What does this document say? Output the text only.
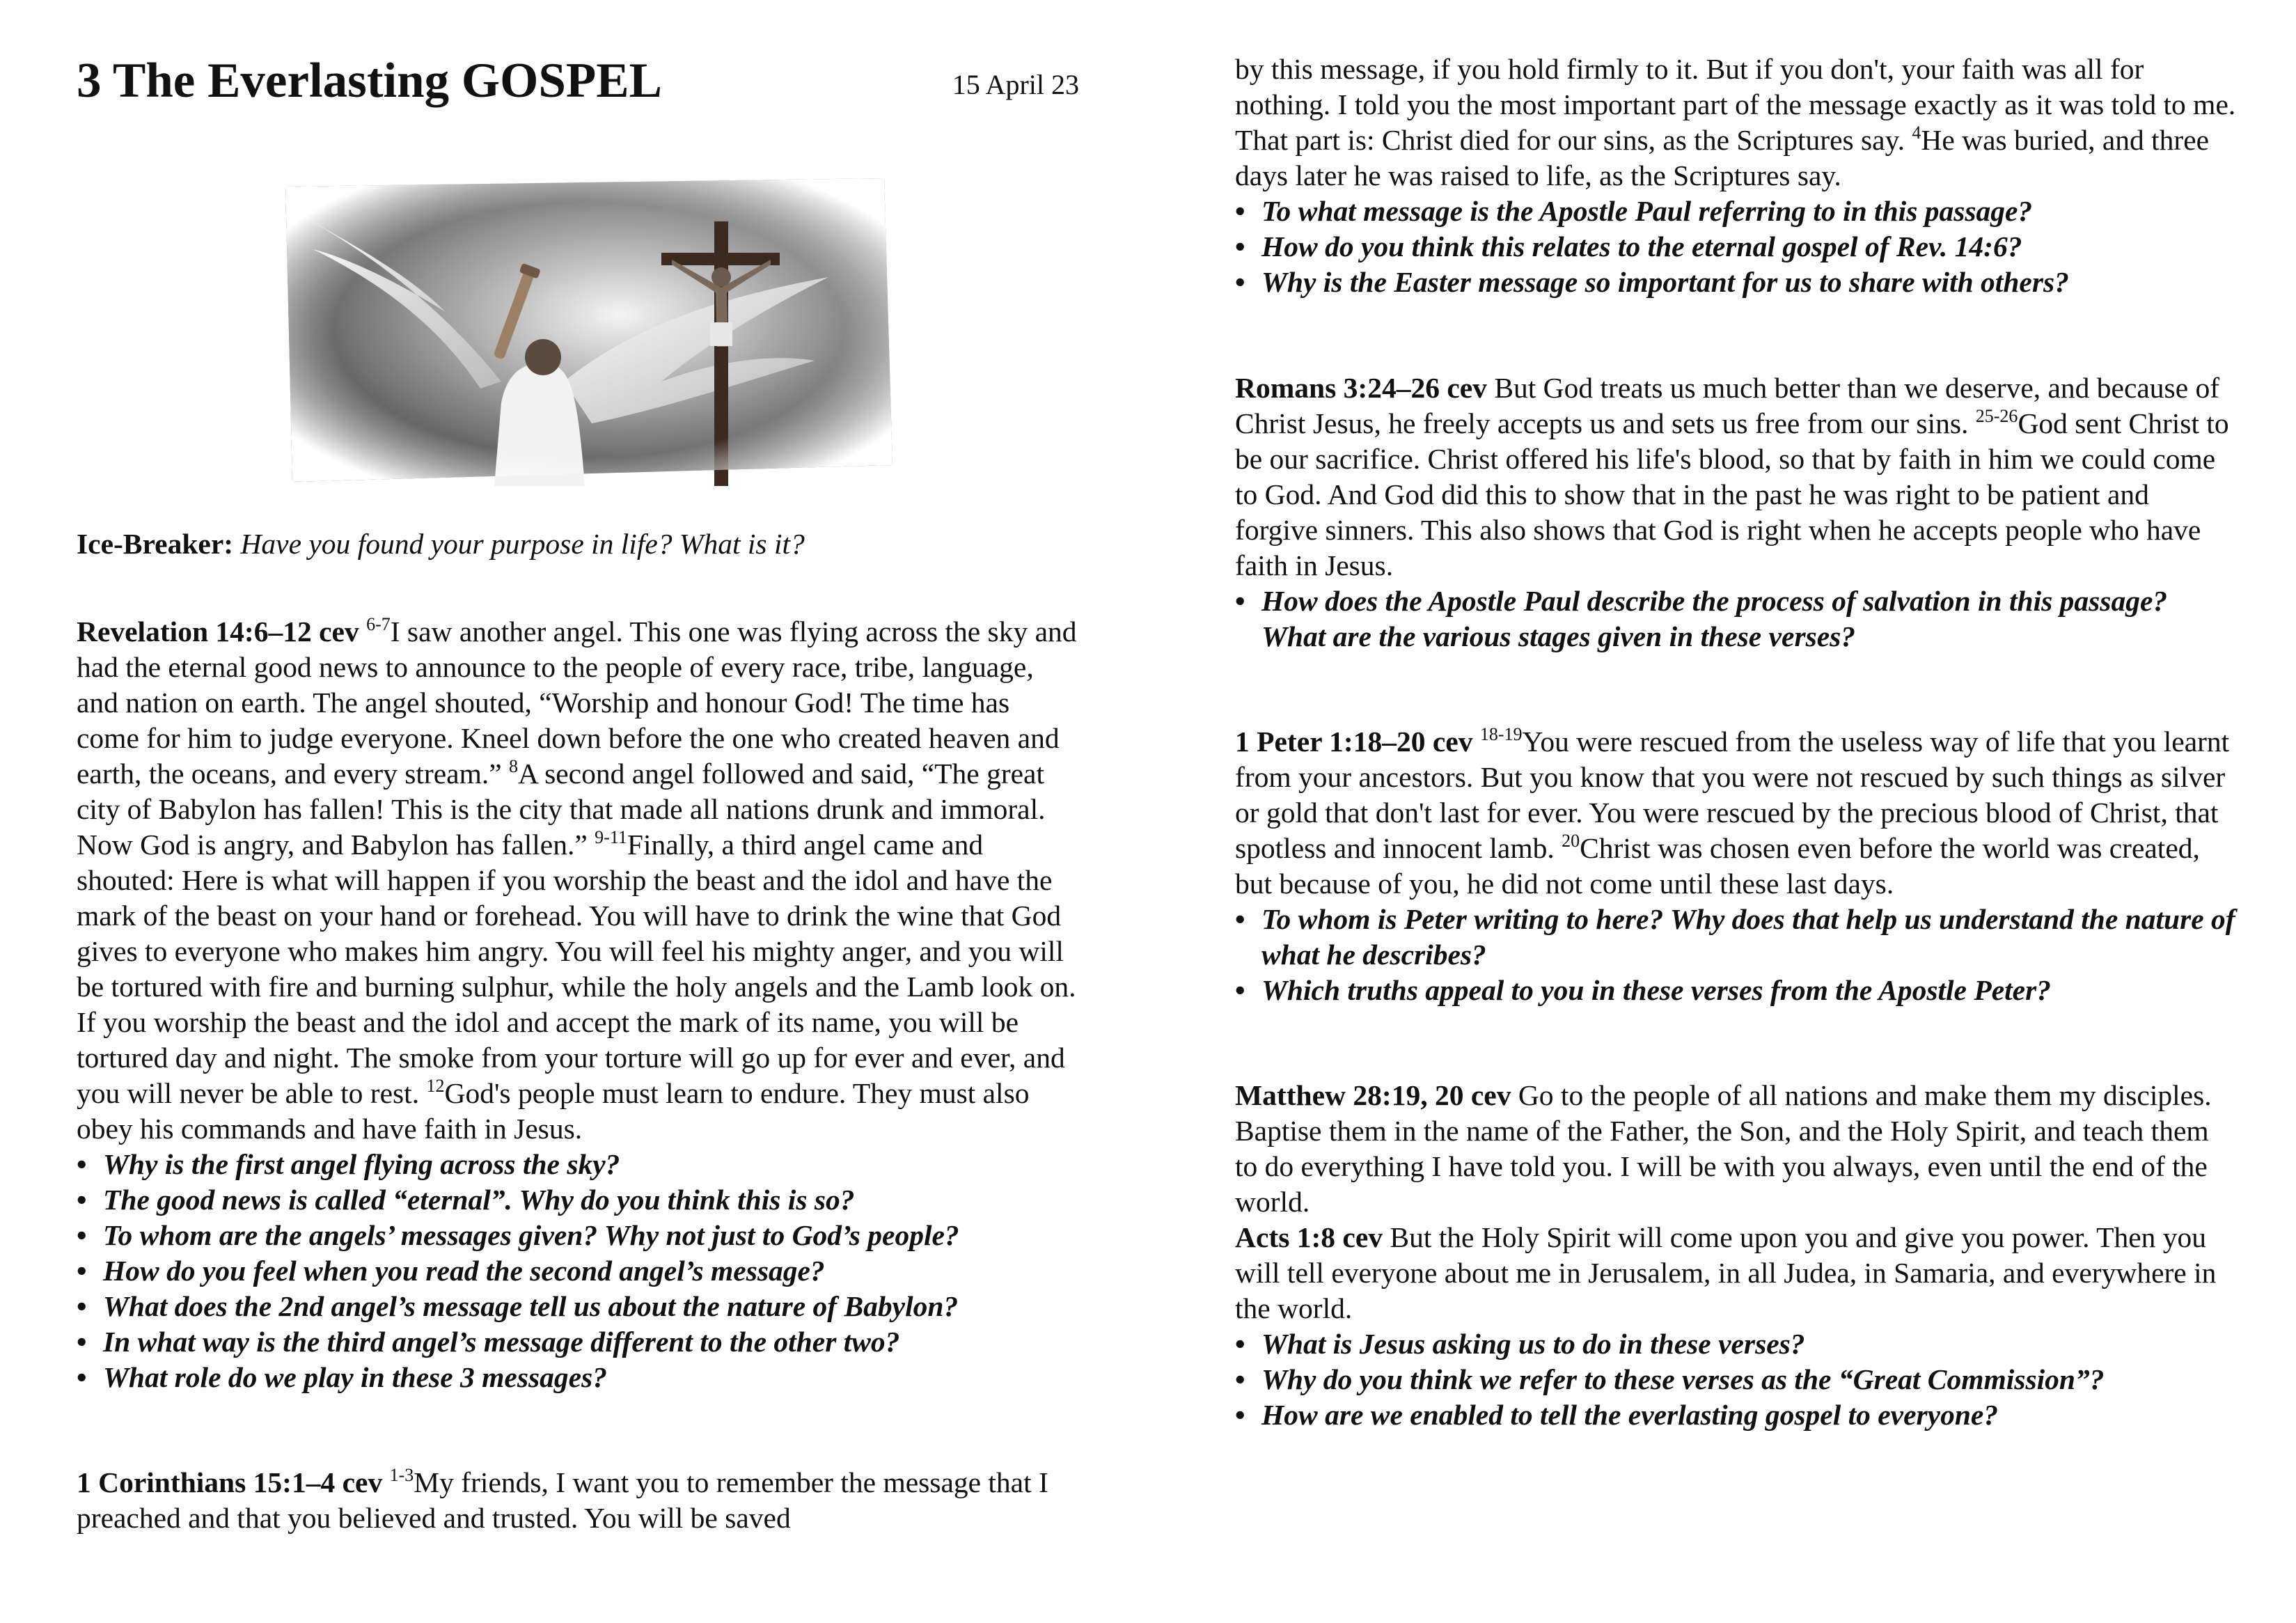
3 The Everlasting GOSPEL	15 April 23

Ice-Breaker: Have you found your purpose in life? What is it?

Revelation 14:6–12 cev $^{6-7}$I saw another angel. This one was flying across the sky and had the eternal good news to announce to the people of every race, tribe, language, and nation on earth. The angel shouted, “Worship and honour God! The time has come for him to judge everyone. Kneel down before the one who created heaven and earth, the oceans, and every stream.” $^8$A second angel followed and said, “The great city of Babylon has fallen! This is the city that made all nations drunk and immoral. Now God is angry, and Babylon has fallen.” $^{9-11}$Finally, a third angel came and shouted: Here is what will happen if you worship the beast and the idol and have the mark of the beast on your hand or forehead. You will have to drink the wine that God gives to everyone who makes him angry. You will feel his mighty anger, and you will be tortured with fire and burning sulphur, while the holy angels and the Lamb look on. If you worship the beast and the idol and accept the mark of its name, you will be tortured day and night. The smoke from your torture will go up for ever and ever, and you will never be able to rest. $^{12}$God's people must learn to endure. They must also obey his commands and have faith in Jesus.

• Why is the first angel flying across the sky?
• The good news is called “eternal”. Why do you think this is so?
• To whom are the angels’ messages given? Why not just to God’s people?
• How do you feel when you read the second angel’s message?
• What does the 2nd angel’s message tell us about the nature of Babylon?
• In what way is the third angel’s message different to the other two?
• What role do we play in these 3 messages?

1 Corinthians 15:1–4 cev $^{1-3}$My friends, I want you to remember the message that I preached and that you believed and trusted. You will be saved

by this message, if you hold firmly to it. But if you don't, your faith was all for nothing. I told you the most important part of the message exactly as it was told to me. That part is: Christ died for our sins, as the Scriptures say. $^4$He was buried, and three days later he was raised to life, as the Scriptures say.

• To what message is the Apostle Paul referring to in this passage?
• How do you think this relates to the eternal gospel of Rev. 14:6?
• Why is the Easter message so important for us to share with others?

Romans 3:24–26 cev But God treats us much better than we deserve, and because of Christ Jesus, he freely accepts us and sets us free from our sins. $^{25-26}$God sent Christ to be our sacrifice. Christ offered his life's blood, so that by faith in him we could come to God. And God did this to show that in the past he was right to be patient and forgive sinners. This also shows that God is right when he accepts people who have faith in Jesus.

• How does the Apostle Paul describe the process of salvation in this passage? What are the various stages given in these verses?

1 Peter 1:18–20 cev $^{18-19}$You were rescued from the useless way of life that you learnt from your ancestors. But you know that you were not rescued by such things as silver or gold that don't last for ever. You were rescued by the precious blood of Christ, that spotless and innocent lamb. $^{20}$Christ was chosen even before the world was created, but because of you, he did not come until these last days.

• To whom is Peter writing to here? Why does that help us understand the nature of what he describes?
• Which truths appeal to you in these verses from the Apostle Peter?

Matthew 28:19, 20 cev Go to the people of all nations and make them my disciples. Baptise them in the name of the Father, the Son, and the Holy Spirit, and teach them to do everything I have told you. I will be with you always, even until the end of the world.

Acts 1:8 cev But the Holy Spirit will come upon you and give you power. Then you will tell everyone about me in Jerusalem, in all Judea, in Samaria, and everywhere in the world.

• What is Jesus asking us to do in these verses?
• Why do you think we refer to these verses as the “Great Commission”?
• How are we enabled to tell the everlasting gospel to everyone?
